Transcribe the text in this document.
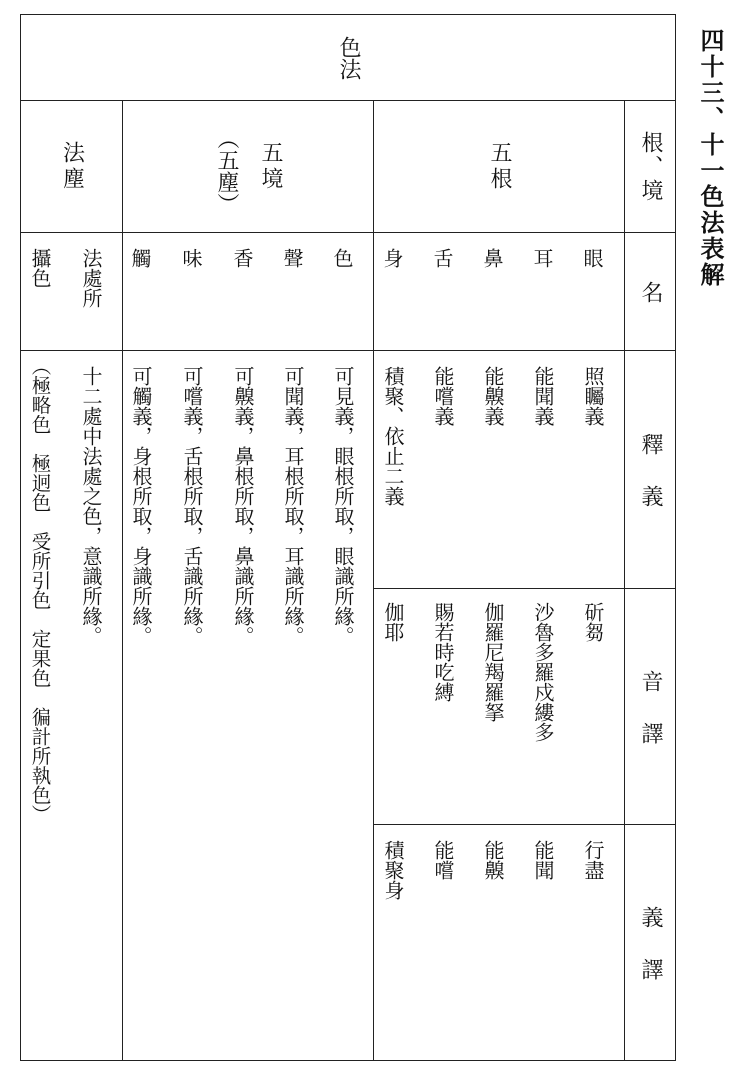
四十三、十一色法表解
色法
根、境
五根
五境
（五塵）
法塵
名
釋義
音譯
義譯
眼
耳
鼻
舌
身
色
聲
香
味
觸
法處所
攝色
照矚義
能聞義
能齅義
能嚐義
積聚、依止二義
可見義，眼根所取，眼識所緣。
可聞義，耳根所取，耳識所緣。
可齅義，鼻根所取，鼻識所緣。
可嚐義，舌根所取，舌識所緣。
可觸義，身根所取，身識所緣。
十二處中法處之色，意識所緣。
（極略色　極迥色　受所引色　定果色　徧計所執色）	斫芻
沙魯多羅戍縷多
伽羅尼羯羅拏
賜若時吃縛
伽耶
行盡
能聞
能齅
能嚐
積聚身
